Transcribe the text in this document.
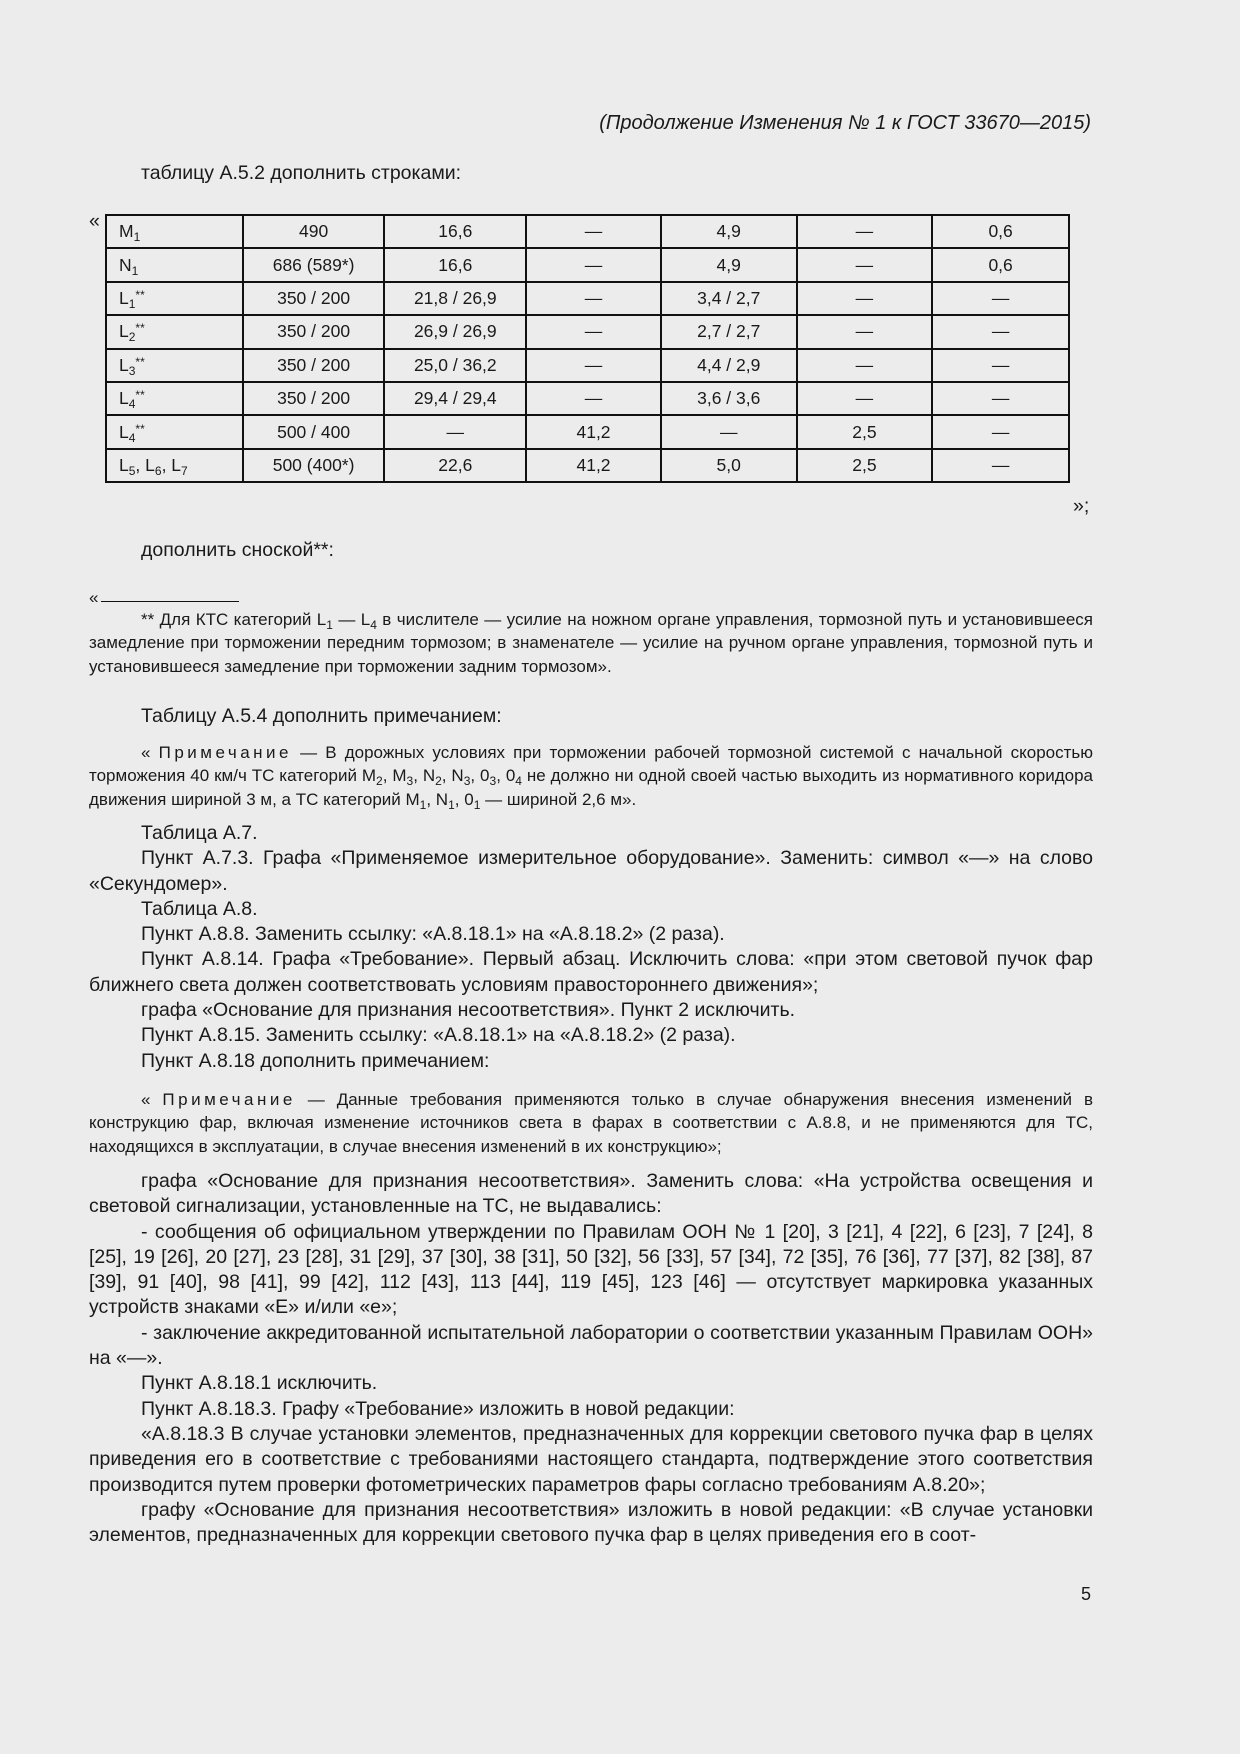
(Продолжение Изменения № 1 к ГОСТ 33670—2015)
таблицу А.5.2 дополнить строками:
« $M_1$	490	16,6	—	4,9	—	0,6
$N_1$	686 (589*)	16,6	—	4,9	—	0,6
$L_1^{**}$	350 / 200	21,8 / 26,9	—	3,4 / 2,7	—	—
$L_2^{**}$	350 / 200	26,9 / 26,9	—	2,7 / 2,7	—	—
$L_3^{**}$	350 / 200	25,0 / 36,2	—	4,4 / 2,9	—	—
$L_4^{**}$	350 / 200	29,4 / 29,4	—	3,6 / 3,6	—	—
$L_4^{**}$	500 / 400	—	41,2	—	2,5	—
$L_5$, $L_6$, $L_7$	500 (400*)	22,6	41,2	5,0	2,5	—
»;
дополнить сноской**:
«
** Для КТС категорий $L_1$ — $L_4$ в числителе — усилие на ножном органе управления, тормозной путь и установившееся замедление при торможении передним тормозом; в знаменателе — усилие на ручном органе управления, тормозной путь и установившееся замедление при торможении задним тормозом».
Таблицу А.5.4 дополнить примечанием:
« Примечание — В дорожных условиях при торможении рабочей тормозной системой с начальной скоростью торможения 40 км/ч ТС категорий $M_2$, $M_3$, $N_2$, $N_3$, $0_3$, $0_4$ не должно ни одной своей частью выходить из нормативного коридора движения шириной 3 м, а ТС категорий $M_1$, $N_1$, $0_1$ — шириной 2,6 м».
Таблица А.7.
Пункт А.7.3. Графа «Применяемое измерительное оборудование». Заменить: символ «—» на слово «Секундомер».
Таблица А.8.
Пункт А.8.8. Заменить ссылку: «А.8.18.1» на «А.8.18.2» (2 раза).
Пункт А.8.14. Графа «Требование». Первый абзац. Исключить слова: «при этом световой пучок фар ближнего света должен соответствовать условиям правостороннего движения»;
графа «Основание для признания несоответствия». Пункт 2 исключить.
Пункт А.8.15. Заменить ссылку: «А.8.18.1» на «А.8.18.2» (2 раза).
Пункт А.8.18 дополнить примечанием:
« Примечание — Данные требования применяются только в случае обнаружения внесения изменений в конструкцию фар, включая изменение источников света в фарах в соответствии с А.8.8, и не применяются для ТС, находящихся в эксплуатации, в случае внесения изменений в их конструкцию»;
графа «Основание для признания несоответствия». Заменить слова: «На устройства освещения и световой сигнализации, установленные на ТС, не выдавались:
- сообщения об официальном утверждении по Правилам ООН № 1 [20], 3 [21], 4 [22], 6 [23], 7 [24], 8 [25], 19 [26], 20 [27], 23 [28], 31 [29], 37 [30], 38 [31], 50 [32], 56 [33], 57 [34], 72 [35], 76 [36], 77 [37], 82 [38], 87 [39], 91 [40], 98 [41], 99 [42], 112 [43], 113 [44], 119 [45], 123 [46] — отсутствует маркировка указанных устройств знаками «Е» и/или «е»;
- заключение аккредитованной испытательной лаборатории о соответствии указанным Правилам ООН» на «—».
Пункт А.8.18.1 исключить.
Пункт А.8.18.3. Графу «Требование» изложить в новой редакции:
«А.8.18.3 В случае установки элементов, предназначенных для коррекции светового пучка фар в целях приведения его в соответствие с требованиями настоящего стандарта, подтверждение этого соответствия производится путем проверки фотометрических параметров фары согласно требованиям А.8.20»;
графу «Основание для признания несоответствия» изложить в новой редакции: «В случае установки элементов, предназначенных для коррекции светового пучка фар в целях приведения его в соот-
5
